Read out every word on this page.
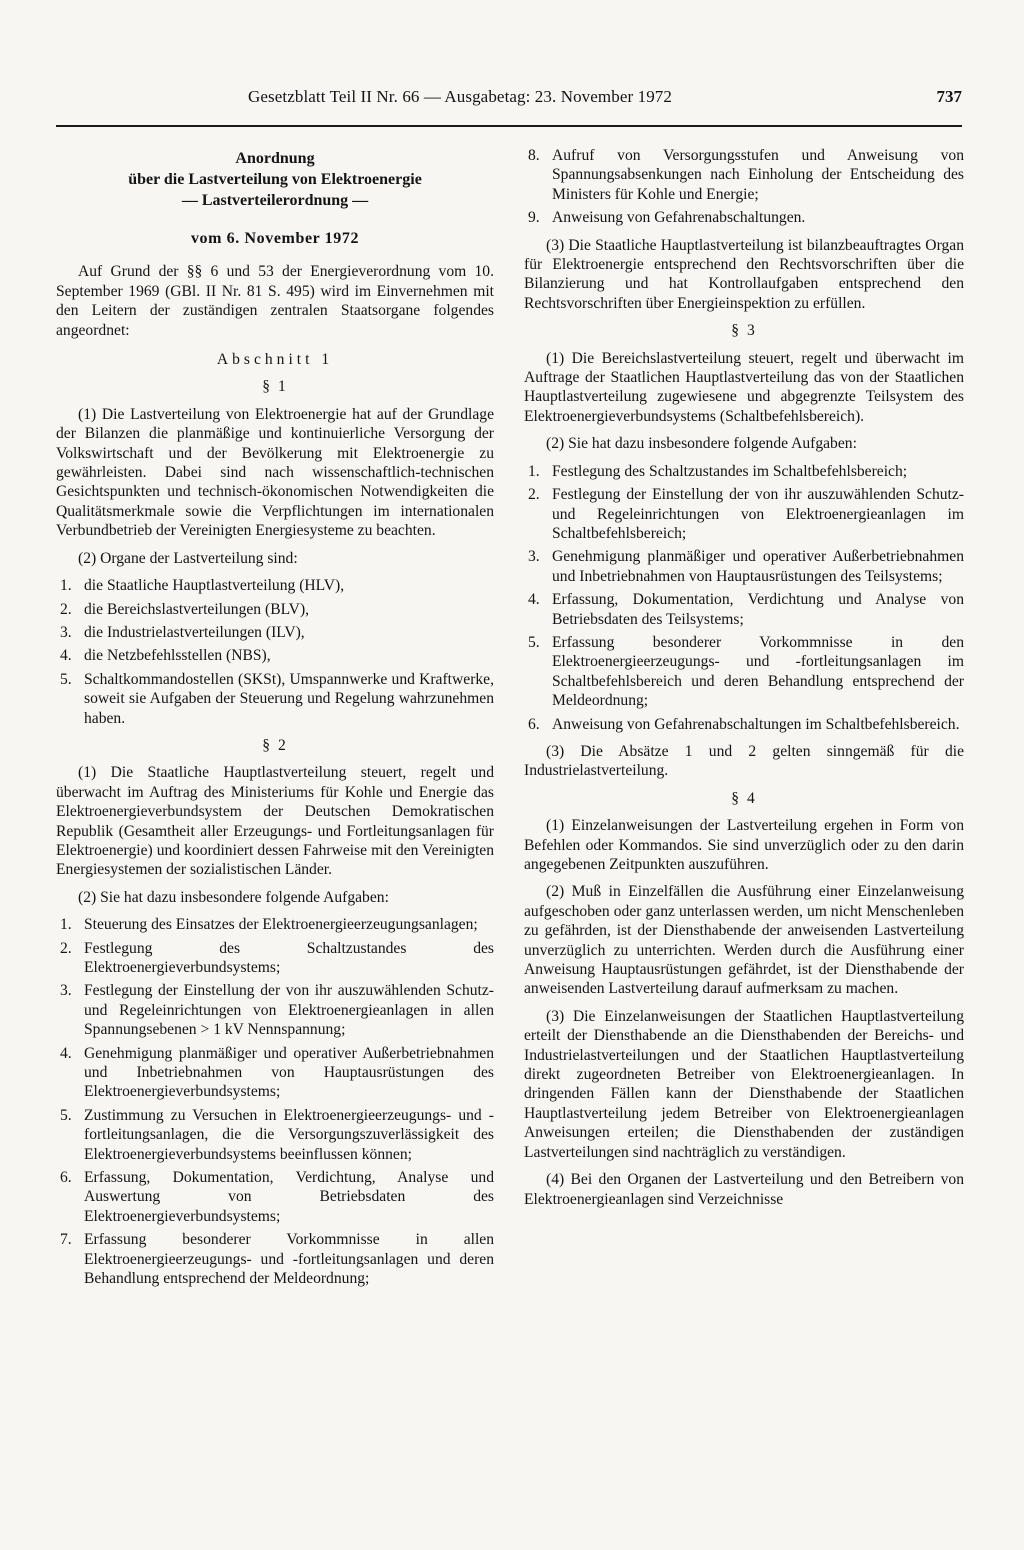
Gesetzblatt Teil II Nr. 66 — Ausgabetag: 23. November 1972	737
Anordnung
über die Lastverteilung von Elektroenergie
— Lastverteilerordnung —
vom 6. November 1972

Auf Grund der §§ 6 und 53 der Energieverordnung vom 10. September 1969 (GBl. II Nr. 81 S. 495) wird im Einvernehmen mit den Leitern der zuständigen zentralen Staatsorgane folgendes angeordnet:

Abschnitt 1
§ 1

(1) Die Lastverteilung von Elektroenergie hat auf der Grundlage der Bilanzen die planmäßige und kontinuierliche Versorgung der Volkswirtschaft und der Bevölkerung mit Elektroenergie zu gewährleisten. Dabei sind nach wissenschaftlich-technischen Gesichtspunkten und technisch-ökonomischen Notwendigkeiten die Qualitätsmerkmale sowie die Verpflichtungen im internationalen Verbundbetrieb der Vereinigten Energiesysteme zu beachten.

(2) Organe der Lastverteilung sind:

1. die Staatliche Hauptlastverteilung (HLV),
2. die Bereichslastverteilungen (BLV),
3. die Industrielastverteilungen (ILV),
4. die Netzbefehlsstellen (NBS),
5. Schaltkommandostellen (SKSt), Umspannwerke und Kraftwerke, soweit sie Aufgaben der Steuerung und Regelung wahrzunehmen haben.
§ 2

(1) Die Staatliche Hauptlastverteilung steuert, regelt und überwacht im Auftrag des Ministeriums für Kohle und Energie das Elektroenergieverbundsystem der Deutschen Demokratischen Republik (Gesamtheit aller Erzeugungs- und Fortleitungsanlagen für Elektroenergie) und koordiniert dessen Fahrweise mit den Vereinigten Energiesystemen der sozialistischen Länder.

(2) Sie hat dazu insbesondere folgende Aufgaben:

1. Steuerung des Einsatzes der Elektroenergieerzeugungsanlagen;
2. Festlegung des Schaltzustandes des Elektroenergieverbundsystems;
3. Festlegung der Einstellung der von ihr auszuwählenden Schutz- und Regeleinrichtungen von Elektroenergieanlagen in allen Spannungsebenen > 1 kV Nennspannung;
4. Genehmigung planmäßiger und operativer Außerbetriebnahmen und Inbetriebnahmen von Hauptausrüstungen des Elektroenergieverbundsystems;
5. Zustimmung zu Versuchen in Elektroenergieerzeugungs- und -fortleitungsanlagen, die die Versorgungszuverlässigkeit des Elektroenergieverbundsystems beeinflussen können;
6. Erfassung, Dokumentation, Verdichtung, Analyse und Auswertung von Betriebsdaten des Elektroenergieverbundsystems;
7. Erfassung besonderer Vorkommnisse in allen Elektroenergieerzeugungs- und -fortleitungsanlagen und deren Behandlung entsprechend der Meldeordnung;
8. Aufruf von Versorgungsstufen und Anweisung von Spannungsabsenkungen nach Einholung der Entscheidung des Ministers für Kohle und Energie;
9. Anweisung von Gefahrenabschaltungen.

(3) Die Staatliche Hauptlastverteilung ist bilanzbeauftragtes Organ für Elektroenergie entsprechend den Rechtsvorschriften über die Bilanzierung und hat Kontrollaufgaben entsprechend den Rechtsvorschriften über Energieinspektion zu erfüllen.

§ 3

(1) Die Bereichslastverteilung steuert, regelt und überwacht im Auftrage der Staatlichen Hauptlastverteilung das von der Staatlichen Hauptlastverteilung zugewiesene und abgegrenzte Teilsystem des Elektroenergieverbundsystems (Schaltbefehlsbereich).

(2) Sie hat dazu insbesondere folgende Aufgaben:

1. Festlegung des Schaltzustandes im Schaltbefehlsbereich;
2. Festlegung der Einstellung der von ihr auszuwählenden Schutz- und Regeleinrichtungen von Elektroenergieanlagen im Schaltbefehlsbereich;
3. Genehmigung planmäßiger und operativer Außerbetriebnahmen und Inbetriebnahmen von Hauptausrüstungen des Teilsystems;
4. Erfassung, Dokumentation, Verdichtung und Analyse von Betriebsdaten des Teilsystems;
5. Erfassung besonderer Vorkommnisse in den Elektroenergieerzeugungs- und -fortleitungsanlagen im Schaltbefehlsbereich und deren Behandlung entsprechend der Meldeordnung;
6. Anweisung von Gefahrenabschaltungen im Schaltbefehlsbereich.

(3) Die Absätze 1 und 2 gelten sinngemäß für die Industrielastverteilung.

§ 4

(1) Einzelanweisungen der Lastverteilung ergehen in Form von Befehlen oder Kommandos. Sie sind unverzüglich oder zu den darin angegebenen Zeitpunkten auszuführen.

(2) Muß in Einzelfällen die Ausführung einer Einzelanweisung aufgeschoben oder ganz unterlassen werden, um nicht Menschenleben zu gefährden, ist der Diensthabende der anweisenden Lastverteilung unverzüglich zu unterrichten. Werden durch die Ausführung einer Anweisung Hauptausrüstungen gefährdet, ist der Diensthabende der anweisenden Lastverteilung darauf aufmerksam zu machen.

(3) Die Einzelanweisungen der Staatlichen Hauptlastverteilung erteilt der Diensthabende an die Diensthabenden der Bereichs- und Industrielastverteilungen und der Staatlichen Hauptlastverteilung direkt zugeordneten Betreiber von Elektroenergieanlagen. In dringenden Fällen kann der Diensthabende der Staatlichen Hauptlastverteilung jedem Betreiber von Elektroenergieanlagen Anweisungen erteilen; die Diensthabenden der zuständigen Lastverteilungen sind nachträglich zu verständigen.

(4) Bei den Organen der Lastverteilung und den Betreibern von Elektroenergieanlagen sind Verzeichnisse
